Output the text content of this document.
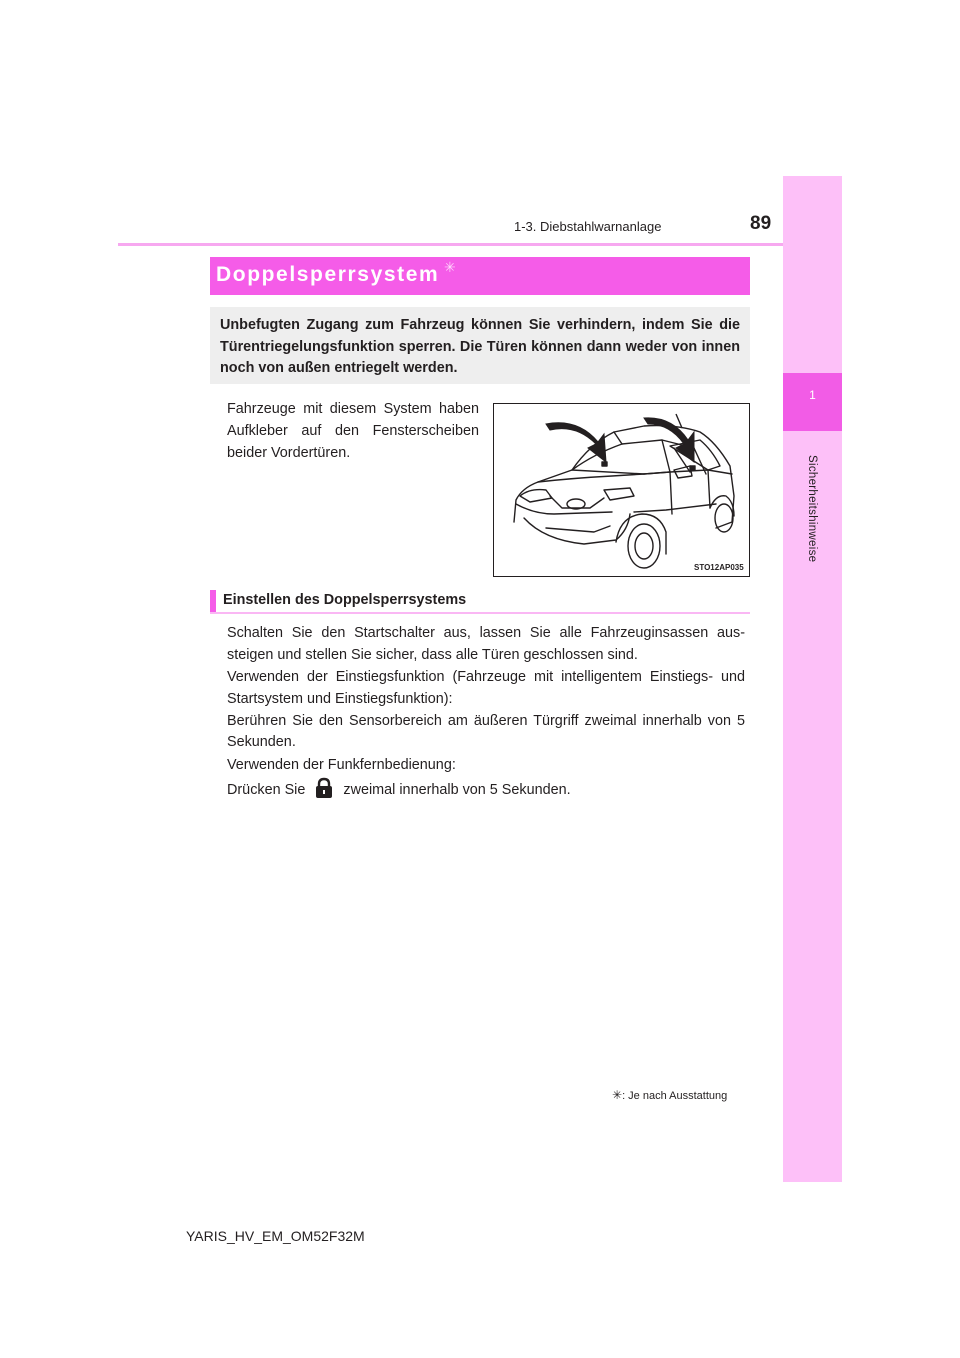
1-3. Diebstahlwarnanlage	89
1
Sicherheitshinweise
Doppelsperrsystem ✳
Unbefugten Zugang zum Fahrzeug können Sie verhindern, indem Sie die Türentriegelungsfunktion sperren. Die Türen können dann weder von innen noch von außen entriegelt werden.
Fahrzeuge mit diesem System haben Aufkleber auf den Fensterscheiben beider Vordertüren.
STO12AP035
Einstellen des Doppelsperrsystems
Schalten Sie den Startschalter aus, lassen Sie alle Fahrzeuginsassen aus-steigen und stellen Sie sicher, dass alle Türen geschlossen sind.
Verwenden der Einstiegsfunktion (Fahrzeuge mit intelligentem Einstiegs- und Startsystem und Einstiegsfunktion):
Berühren Sie den Sensorbereich am äußeren Türgriff zweimal innerhalb von 5 Sekunden.
Verwenden der Funkfernbedienung:
Drücken Sie	zweimal innerhalb von 5 Sekunden.
✳: Je nach Ausstattung
YARIS_HV_EM_OM52F32M
